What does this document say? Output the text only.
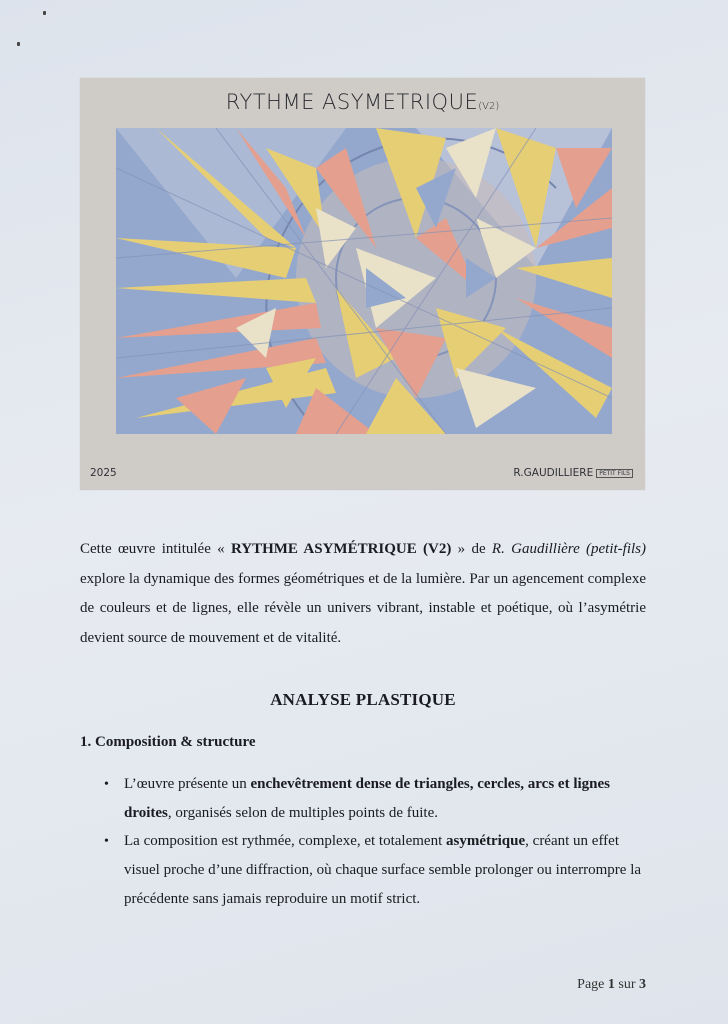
RYTHME ASYMETRIQUE(V2)
2025	R.GAUDILLIERE PETIT FILS

Cette œuvre intitulée « RYTHME ASYMÉTRIQUE (V2) » de R. Gaudillière (petit-fils) explore la dynamique des formes géométriques et de la lumière. Par un agencement complexe de couleurs et de lignes, elle révèle un univers vibrant, instable et poétique, où l’asymétrie devient source de mouvement et de vitalité.

ANALYSE PLASTIQUE
1. Composition & structure
• L’œuvre présente un enchevêtrement dense de triangles, cercles, arcs et lignes droites, organisés selon de multiples points de fuite.
• La composition est rythmée, complexe, et totalement asymétrique, créant un effet visuel proche d’une diffraction, où chaque surface semble prolonger ou interrompre la précédente sans jamais reproduire un motif strict.
Page 1 sur 3
